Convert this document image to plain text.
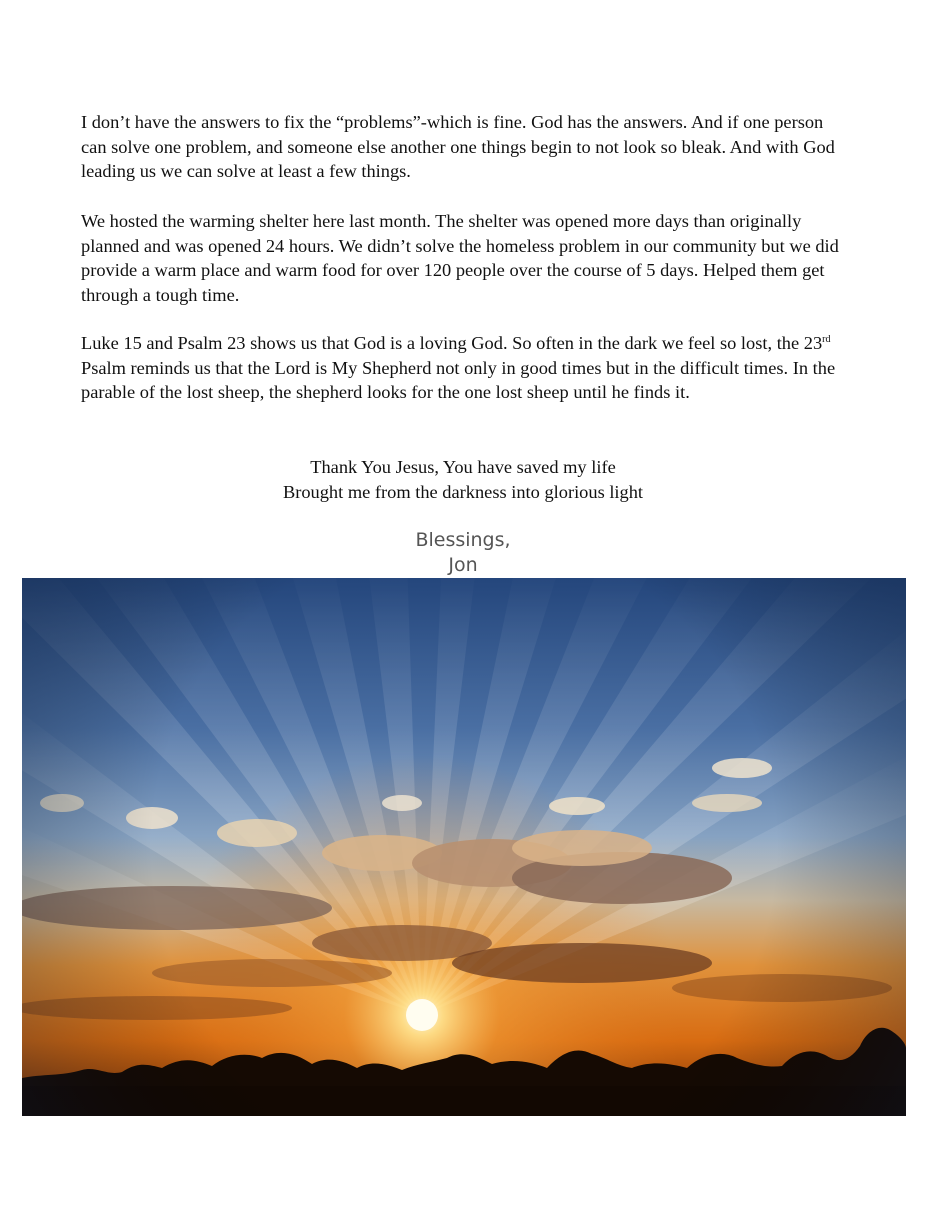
I don’t have the answers to fix the “problems”-which is fine. God has the answers. And if one person can solve one problem, and someone else another one things begin to not look so bleak. And with God leading us we can solve at least a few things.

We hosted the warming shelter here last month. The shelter was opened more days than originally planned and was opened 24 hours. We didn’t solve the homeless problem in our community but we did provide a warm place and warm food for over 120 people over the course of 5 days. Helped them get through a tough time.

Luke 15 and Psalm 23 shows us that God is a loving God. So often in the dark we feel so lost, the 23rd Psalm reminds us that the Lord is My Shepherd not only in good times but in the difficult times. In the parable of the lost sheep, the shepherd looks for the one lost sheep until he finds it.

Thank You Jesus, You have saved my life
Brought me from the darkness into glorious light
Blessings,
Jon
